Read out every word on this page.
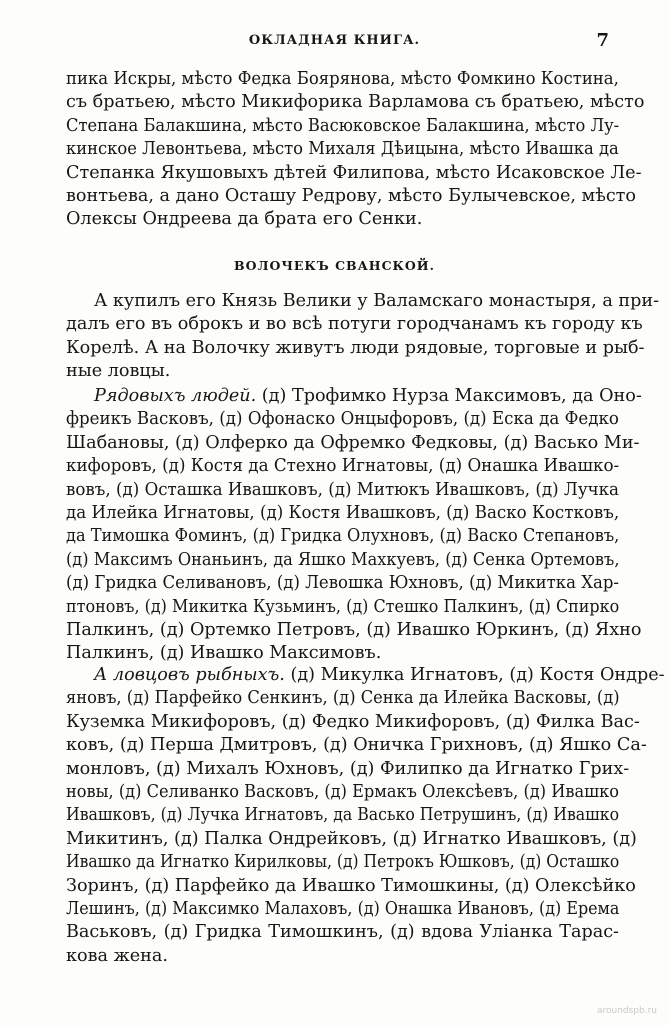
ОКЛАДНАЯ КНИГА.	7
пика Искры, мѣсто Федка Боярянова, мѣсто Фомкино Костина,
съ братьею, мѣсто Микифорика Варламова съ братьею, мѣсто
Степана Балакшина, мѣсто Васюковское Балакшина, мѣсто Лу-
кинское Левонтьева, мѣсто Михаля Дѣицына, мѣсто Ивашка да
Степанка Якушовыхъ дѣтей Филипова, мѣсто Исаковское Ле-
вонтьева, а дано Осташу Редрову, мѣсто Булычевское, мѣсто
Олексы Ондреева да брата его Сенки.
ВОЛОЧЕКЪ СВАНСКОЙ.
А купилъ его Князь Велики у Валамскаго монастыря, а при-
далъ его въ оброкъ и во всѣ потуги городчанамъ къ городу къ
Корелѣ. А на Волочку живутъ люди рядовые, торговые и рыб-
ные ловцы.
Рядовыхъ людей. (д) Трофимко Нурза Максимовъ, да Оно-
фреикъ Васковъ, (д) Офонаско Онцыфоровъ, (д) Еска да Федко
Шабановы, (д) Олферко да Офремко Федковы, (д) Васько Ми-
кифоровъ, (д) Костя да Стехно Игнатовы, (д) Онашка Ивашко-
вовъ, (д) Осташка Ивашковъ, (д) Митюкъ Ивашковъ, (д) Лучка
да Илейка Игнатовы, (д) Костя Ивашковъ, (д) Васко Костковъ,
да Тимошка Фоминъ, (д) Гридка Олухновъ, (д) Васко Степановъ,
(д) Максимъ Онаньинъ, да Яшко Махкуевъ, (д) Сенка Ортемовъ,
(д) Гридка Селивановъ, (д) Левошка Юхновъ, (д) Микитка Хар-
птоновъ, (д) Микитка Кузьминъ, (д) Стешко Палкинъ, (д) Спирко
Палкинъ, (д) Ортемко Петровъ, (д) Ивашко Юркинъ, (д) Яхно
Палкинъ, (д) Ивашко Максимовъ.
А ловцовъ рыбныхъ. (д) Микулка Игнатовъ, (д) Костя Ондре-
яновъ, (д) Парфейко Сенкинъ, (д) Сенка да Илейка Васковы, (д)
Куземка Микифоровъ, (д) Федко Микифоровъ, (д) Филка Вас-
ковъ, (д) Перша Дмитровъ, (д) Оничка Грихновъ, (д) Яшко Са-
монловъ, (д) Михалъ Юхновъ, (д) Филипко да Игнатко Грих-
новы, (д) Селиванко Васковъ, (д) Ермакъ Олексѣевъ, (д) Ивашко
Ивашковъ, (д) Лучка Игнатовъ, да Васько Петрушинъ, (д) Ивашко
Микитинъ, (д) Палка Ондрейковъ, (д) Игнатко Ивашковъ, (д)
Ивашко да Игнатко Кирилковы, (д) Петрокъ Юшковъ, (д) Осташко
Зоринъ, (д) Парфейко да Ивашко Тимошкины, (д) Олексѣйко
Лешинъ, (д) Максимко Малаховъ, (д) Онашка Ивановъ, (д) Ерема
Васьковъ, (д) Гридка Тимошкинъ, (д) вдова Уліанка Тарас-
кова жена.
aroundspb.ru
